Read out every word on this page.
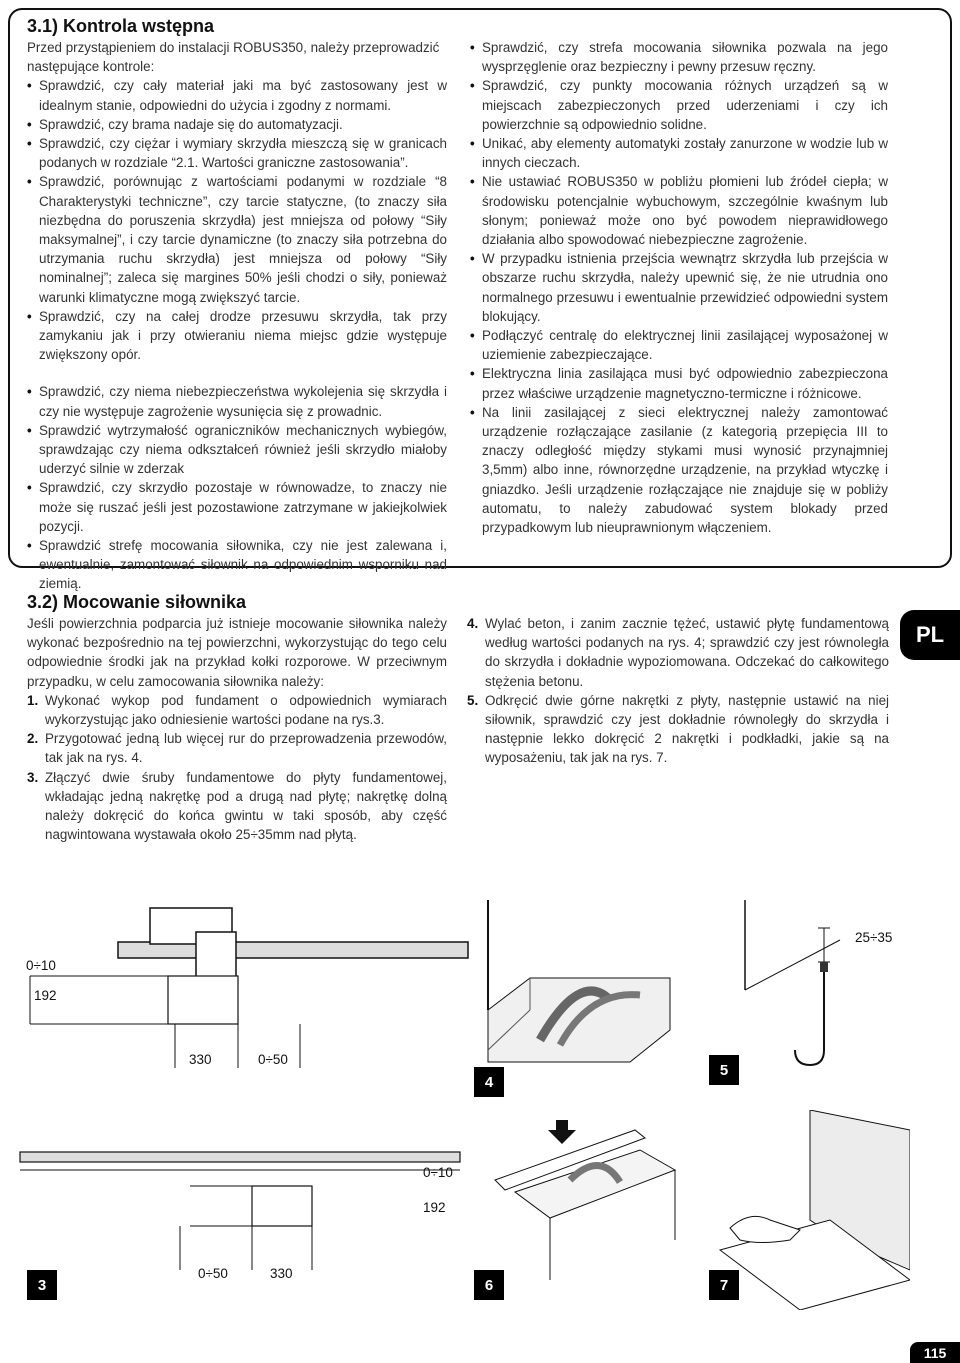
3.1) Kontrola wstępna

Przed przystąpieniem do instalacji ROBUS350, należy przeprowadzić następujące kontrole:

• Sprawdzić, czy cały materiał jaki ma być zastosowany jest w idealnym stanie, odpowiedni do użycia i zgodny z normami.
• Sprawdzić, czy brama nadaje się do automatyzacji.
• Sprawdzić, czy ciężar i wymiary skrzydła mieszczą się w granicach podanych w rozdziale “2.1. Wartości graniczne zastosowania”.
• Sprawdzić, porównując z wartościami podanymi w rozdziale “8 Charakterystyki techniczne”, czy tarcie statyczne, (to znaczy siła niezbędna do poruszenia skrzydła) jest mniejsza od połowy “Siły maksymalnej”, i czy tarcie dynamiczne (to znaczy siła potrzebna do utrzymania ruchu skrzydła) jest mniejsza od połowy “Siły nominalnej”; zaleca się margines 50% jeśli chodzi o siły, ponieważ warunki klimatyczne mogą zwiększyć tarcie.
• Sprawdzić, czy na całej drodze przesuwu skrzydła, tak przy zamykaniu jak i przy otwieraniu niema miejsc gdzie występuje zwiększony opór.
• Sprawdzić, czy niema niebezpieczeństwa wykolejenia się skrzydła i czy nie występuje zagrożenie wysunięcia się z prowadnic.
• Sprawdzić wytrzymałość ograniczników mechanicznych wybiegów, sprawdzając czy niema odkształceń również jeśli skrzydło miałoby uderzyć silnie w zderzak
• Sprawdzić, czy skrzydło pozostaje w równowadze, to znaczy nie może się ruszać jeśli jest pozostawione zatrzymane w jakiejkolwiek pozycji.
• Sprawdzić strefę mocowania siłownika, czy nie jest zalewana i, ewentualnie, zamontować siłownik na odpowiednim wsporniku nad ziemią.
• Sprawdzić, czy strefa mocowania siłownika pozwala na jego wysprzęglenie oraz bezpieczny i pewny przesuw ręczny.
• Sprawdzić, czy punkty mocowania różnych urządzeń są w miejscach zabezpieczonych przed uderzeniami i czy ich powierzchnie są odpowiednio solidne.
• Unikać, aby elementy automatyki zostały zanurzone w wodzie lub w innych cieczach.
• Nie ustawiać ROBUS350 w pobliżu płomieni lub źródeł ciepła; w środowisku potencjalnie wybuchowym, szczególnie kwaśnym lub słonym; ponieważ może ono być powodem nieprawidłowego działania albo spowodować niebezpieczne zagrożenie.
• W przypadku istnienia przejścia wewnątrz skrzydła lub przejścia w obszarze ruchu skrzydła, należy upewnić się, że nie utrudnia ono normalnego przesuwu i ewentualnie przewidzieć odpowiedni system blokujący.
• Podłączyć centralę do elektrycznej linii zasilającej wyposażonej w uziemienie zabezpieczające.
• Elektryczna linia zasilająca musi być odpowiednio zabezpieczona przez właściwe urządzenie magnetyczno-termiczne i różnicowe.
• Na linii zasilającej z sieci elektrycznej należy zamontować urządzenie rozłączające zasilanie (z kategorią przepięcia III to znaczy odległość między stykami musi wynosić przynajmniej 3,5mm) albo inne, równorzędne urządzenie, na przykład wtyczkę i gniazdko. Jeśli urządzenie rozłączające nie znajduje się w pobliży automatu, to należy zabudować system blokady przed przypadkowym lub nieuprawnionym włączeniem.
3.2) Mocowanie siłownika

Jeśli powierzchnia podparcia już istnieje mocowanie siłownika należy wykonać bezpośrednio na tej powierzchni, wykorzystując do tego celu odpowiednie środki jak na przykład kołki rozporowe. W przeciwnym przypadku, w celu zamocowania siłownika należy:

1. Wykonać wykop pod fundament o odpowiednich wymiarach wykorzystując jako odniesienie wartości podane na rys.3.
2. Przygotować jedną lub więcej rur do przeprowadzenia przewodów, tak jak na rys. 4.
3. Złączyć dwie śruby fundamentowe do płyty fundamentowej, wkładając jedną nakrętkę pod a drugą nad płytę; nakrętkę dolną należy dokręcić do końca gwintu w taki sposób, aby część nagwintowana wystawała około 25÷35mm nad płytą.
4. Wylać beton, i zanim zacznie tężeć, ustawić płytę fundamentową według wartości podanych na rys. 4; sprawdzić czy jest równoległa do skrzydła i dokładnie wypoziomowana. Odczekać do całkowitego stężenia betonu.
5. Odkręcić dwie górne nakrętki z płyty, następnie ustawić na niej siłownik, sprawdzić czy jest dokładnie równoległy do skrzydła i następnie lekko dokręcić 2 nakrętki i podkładki, jakie są na wyposażeniu, tak jak na rys. 7.
PL
0÷10
192
330	0÷50
0÷10
192
0÷50	330
3
4
25÷35
5
6	7
115
